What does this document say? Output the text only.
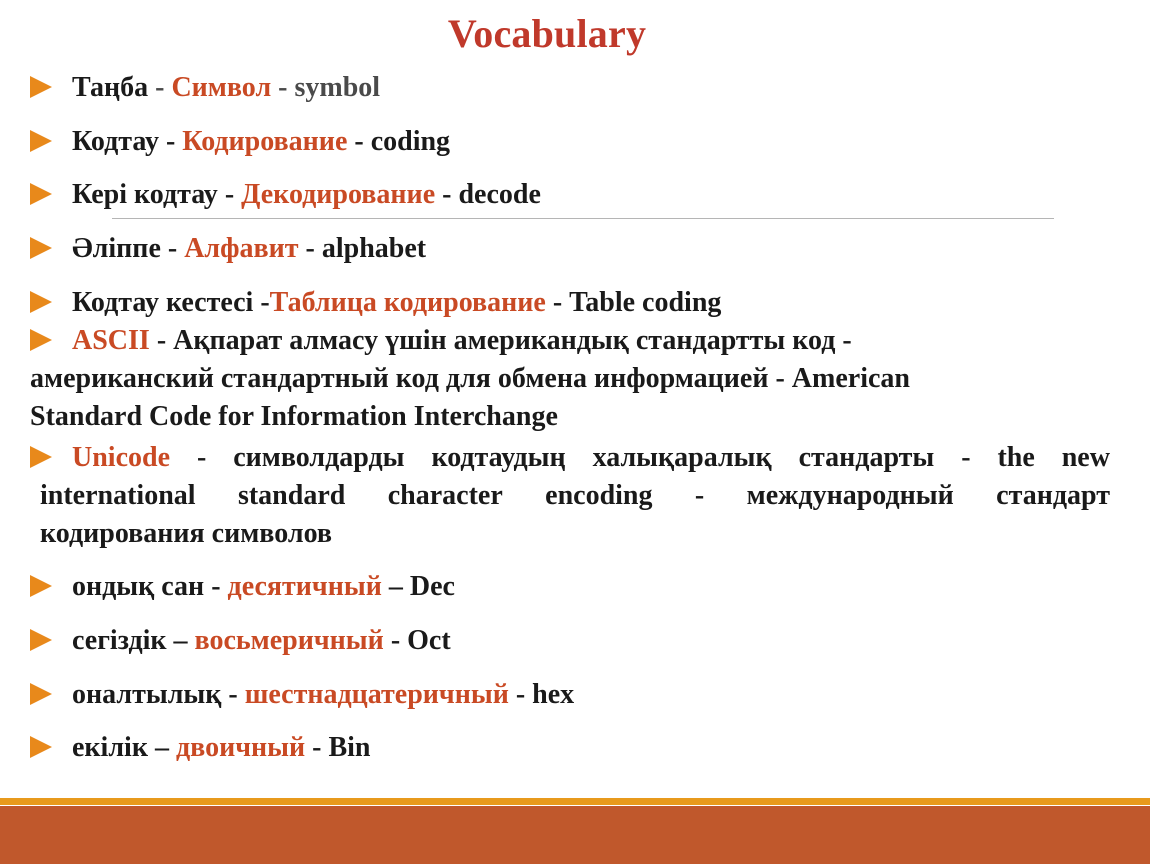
Vocabulary
Таңба - Символ - symbol
Кодтау - Кодирование - coding
Кері кодтау - Декодирование - decode
Әліппе - Алфавит - alphabet
Кодтау кестесі -Таблица кодирование - Table coding
ASCII - Ақпарат алмасу үшін американдық стандартты код -
американский стандартный код для обмена информацией - American
Standard Code for Information Interchange
Unicode - символдарды кодтаудың халықаралық стандарты - the new
international standard character encoding - международный стандарт
кодирования символов
ондық сан - десятичный – Dec
сегіздік – восьмеричный - Oct
оналтылық - шестнадцатеричный - hex
екілік – двоичный - Bin
